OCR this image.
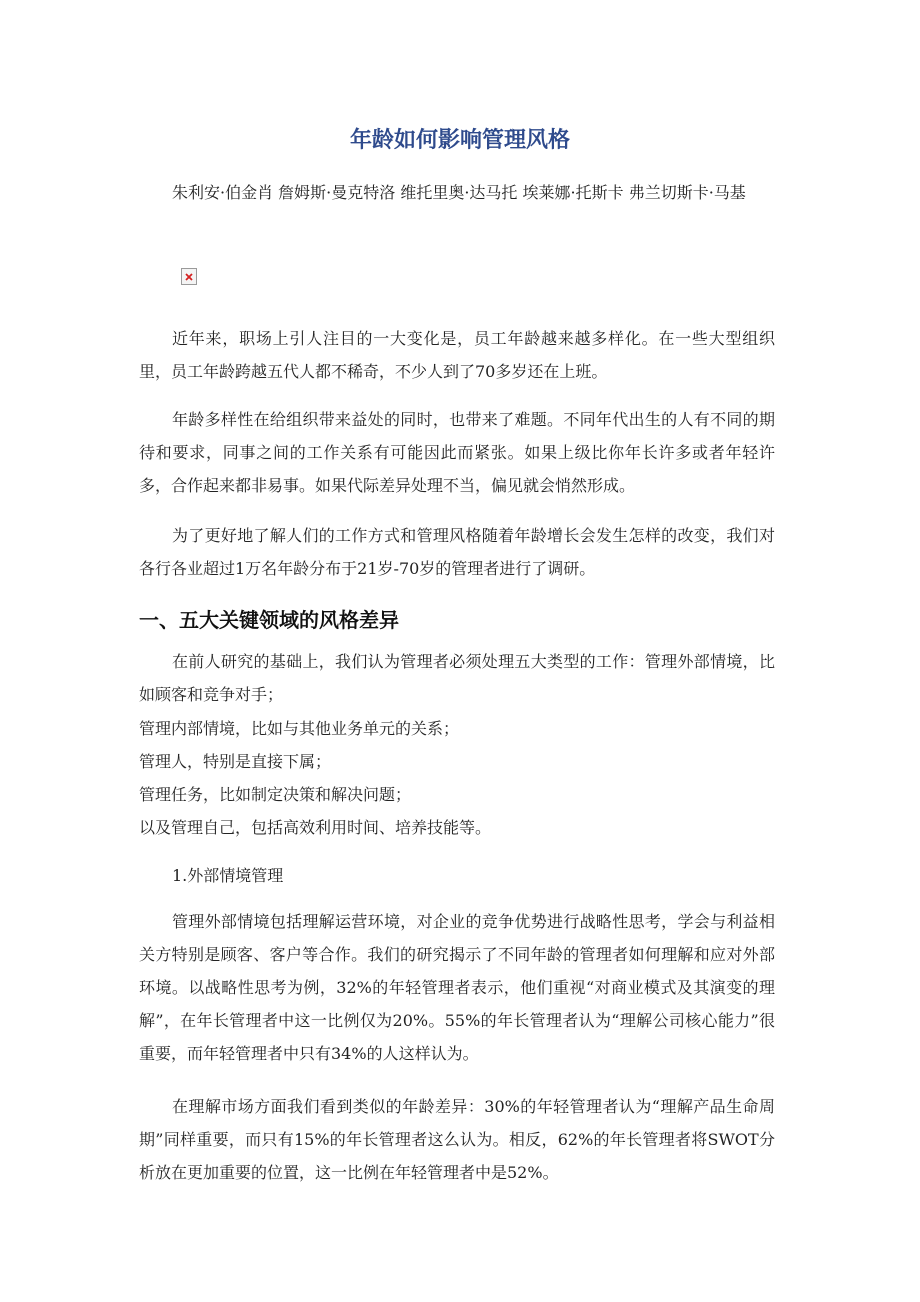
年龄如何影响管理风格

朱利安·伯金肖 詹姆斯·曼克特洛 维托里奥·达马托 埃莱娜·托斯卡 弗兰切斯卡·马基

近年来，职场上引人注目的一大变化是，员工年龄越来越多样化。在一些大型组织里，员工年龄跨越五代人都不稀奇，不少人到了70多岁还在上班。

年龄多样性在给组织带来益处的同时，也带来了难题。不同年代出生的人有不同的期待和要求，同事之间的工作关系有可能因此而紧张。如果上级比你年长许多或者年轻许多，合作起来都非易事。如果代际差异处理不当，偏见就会悄然形成。

为了更好地了解人们的工作方式和管理风格随着年龄增长会发生怎样的改变，我们对各行各业超过1万名年龄分布于21岁-70岁的管理者进行了调研。

一、五大关键领域的风格差异

在前人研究的基础上，我们认为管理者必须处理五大类型的工作：管理外部情境，比如顾客和竞争对手；

管理内部情境，比如与其他业务单元的关系；

管理人，特别是直接下属；

管理任务，比如制定决策和解决问题；

以及管理自己，包括高效利用时间、培养技能等。

1.外部情境管理

管理外部情境包括理解运营环境，对企业的竞争优势进行战略性思考，学会与利益相关方特别是顾客、客户等合作。我们的研究揭示了不同年龄的管理者如何理解和应对外部环境。以战略性思考为例，32%的年轻管理者表示，他们重视“对商业模式及其演变的理解”，在年长管理者中这一比例仅为20%。55%的年长管理者认为“理解公司核心能力”很重要，而年轻管理者中只有34%的人这样认为。

在理解市场方面我们看到类似的年龄差异：30%的年轻管理者认为“理解产品生命周期”同样重要，而只有15%的年长管理者这么认为。相反，62%的年长管理者将SWOT分析放在更加重要的位置，这一比例在年轻管理者中是52%。
